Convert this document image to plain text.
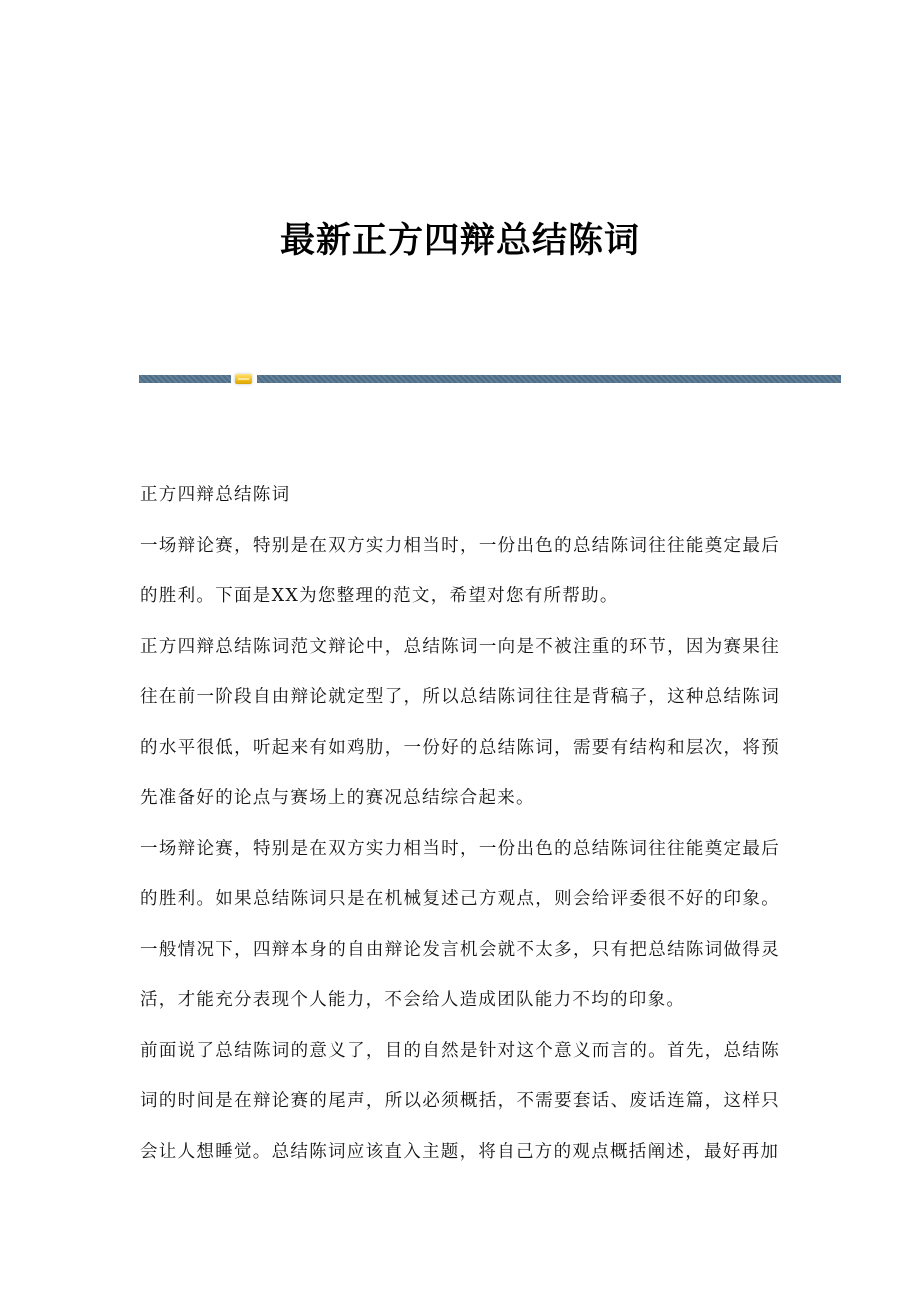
最新正方四辩总结陈词

正方四辩总结陈词

一场辩论赛，特别是在双方实力相当时，一份出色的总结陈词往往能奠定最后的胜利。下面是XX为您整理的范文，希望对您有所帮助。

正方四辩总结陈词范文辩论中，总结陈词一向是不被注重的环节，因为赛果往往在前一阶段自由辩论就定型了，所以总结陈词往往是背稿子，这种总结陈词的水平很低，听起来有如鸡肋，一份好的总结陈词，需要有结构和层次，将预先准备好的论点与赛场上的赛况总结综合起来。

一场辩论赛，特别是在双方实力相当时，一份出色的总结陈词往往能奠定最后的胜利。如果总结陈词只是在机械复述己方观点，则会给评委很不好的印象。一般情况下，四辩本身的自由辩论发言机会就不太多，只有把总结陈词做得灵活，才能充分表现个人能力，不会给人造成团队能力不均的印象。

前面说了总结陈词的意义了，目的自然是针对这个意义而言的。首先，总结陈词的时间是在辩论赛的尾声，所以必须概括，不需要套话、废话连篇，这样只会让人想睡觉。总结陈词应该直入主题，将自己方的观点概括阐述，最好再加
